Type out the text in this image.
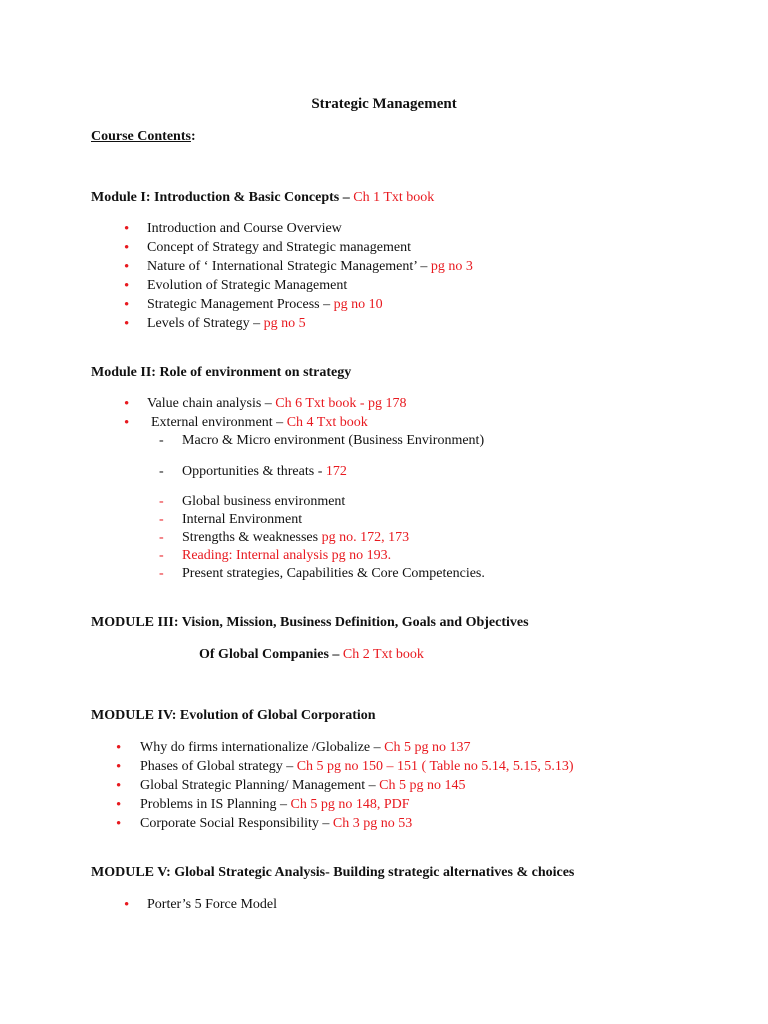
Strategic Management
Course Contents:
Module I: Introduction & Basic Concepts – Ch 1 Txt book
• Introduction and Course Overview
• Concept of Strategy and Strategic management
• Nature of ‘ International Strategic Management’ – pg no 3
• Evolution of Strategic Management
• Strategic Management Process – pg no 10
• Levels of Strategy – pg no 5
Module II: Role of environment on strategy
• Value chain analysis – Ch 6 Txt book - pg 178
• External environment – Ch 4 Txt book
- Macro & Micro environment (Business Environment)
- Opportunities & threats - 172
- Global business environment
- Internal Environment
- Strengths & weaknesses pg no. 172, 173
- Reading: Internal analysis pg no 193.
- Present strategies, Capabilities & Core Competencies.
MODULE III: Vision, Mission, Business Definition, Goals and Objectives
Of Global Companies – Ch 2 Txt book
MODULE IV: Evolution of Global Corporation
• Why do firms internationalize /Globalize – Ch 5 pg no 137
• Phases of Global strategy – Ch 5 pg no 150 – 151 ( Table no 5.14, 5.15, 5.13)
• Global Strategic Planning/ Management – Ch 5 pg no 145
• Problems in IS Planning – Ch 5 pg no 148, PDF
• Corporate Social Responsibility – Ch 3 pg no 53
MODULE V: Global Strategic Analysis- Building strategic alternatives & choices
• Porter’s 5 Force Model
